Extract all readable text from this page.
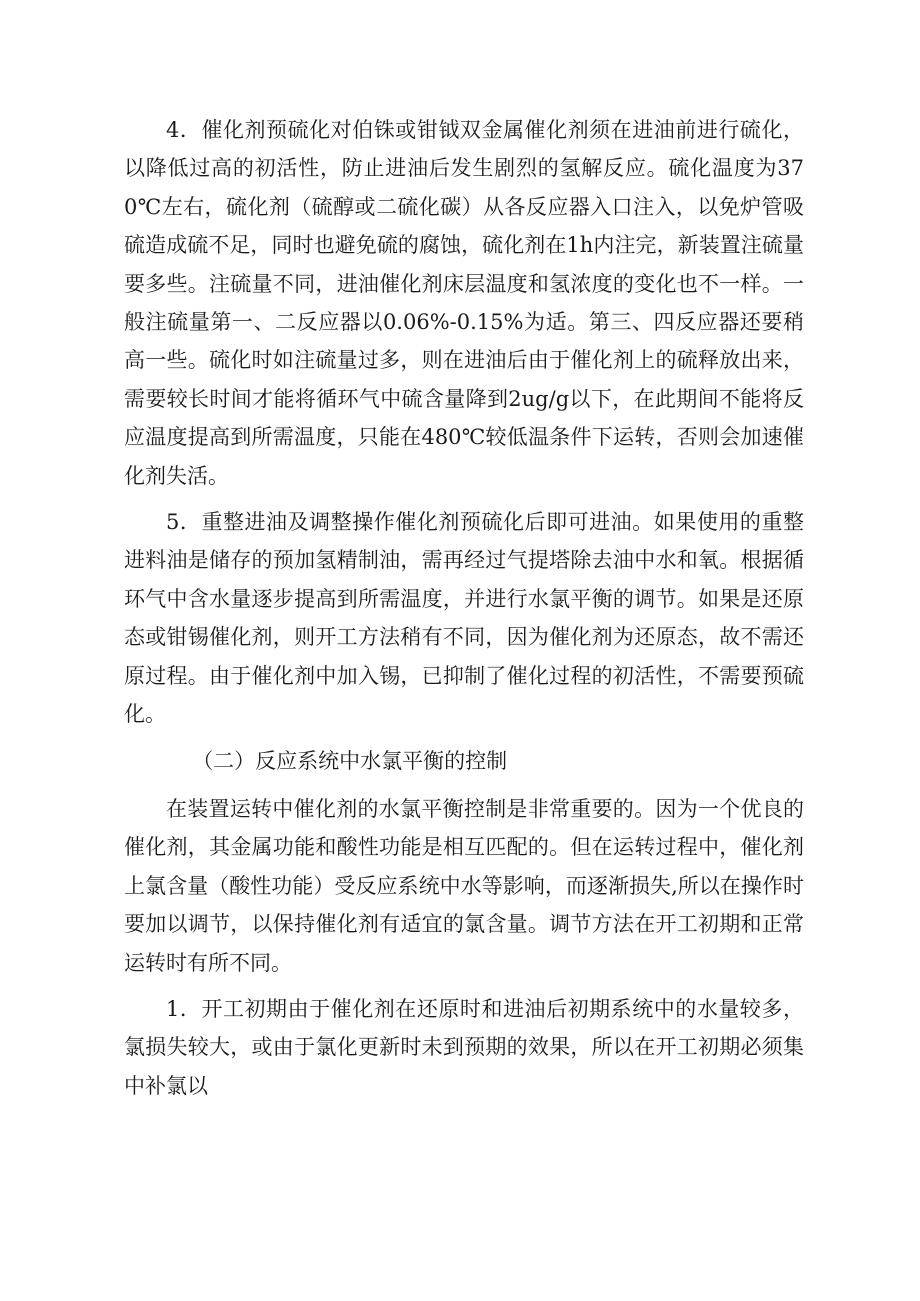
4．催化剂预硫化对伯铢或钳钺双金属催化剂须在进油前进行硫化，以降低过高的初活性，防止进油后发生剧烈的氢解反应。硫化温度为370℃左右，硫化剂（硫醇或二硫化碳）从各反应器入口注入，以免炉管吸硫造成硫不足，同时也避免硫的腐蚀，硫化剂在1h内注完，新装置注硫量要多些。注硫量不同，进油催化剂床层温度和氢浓度的变化也不一样。一般注硫量第一、二反应器以0.06%-0.15%为适。第三、四反应器还要稍高一些。硫化时如注硫量过多，则在进油后由于催化剂上的硫释放出来，需要较长时间才能将循环气中硫含量降到2ug/g以下，在此期间不能将反应温度提高到所需温度，只能在480℃较低温条件下运转，否则会加速催化剂失活。

5．重整进油及调整操作催化剂预硫化后即可进油。如果使用的重整进料油是储存的预加氢精制油，需再经过气提塔除去油中水和氧。根据循环气中含水量逐步提高到所需温度，并进行水氯平衡的调节。如果是还原态或钳锡催化剂，则开工方法稍有不同，因为催化剂为还原态，故不需还原过程。由于催化剂中加入锡，已抑制了催化过程的初活性，不需要预硫化。

（二）反应系统中水氯平衡的控制

在装置运转中催化剂的水氯平衡控制是非常重要的。因为一个优良的催化剂，其金属功能和酸性功能是相互匹配的。但在运转过程中，催化剂上氯含量（酸性功能）受反应系统中水等影响，而逐渐损失,所以在操作时要加以调节，以保持催化剂有适宜的氯含量。调节方法在开工初期和正常运转时有所不同。

1．开工初期由于催化剂在还原时和进油后初期系统中的水量较多，氯损失较大，或由于氯化更新时未到预期的效果，所以在开工初期必须集中补氯以
